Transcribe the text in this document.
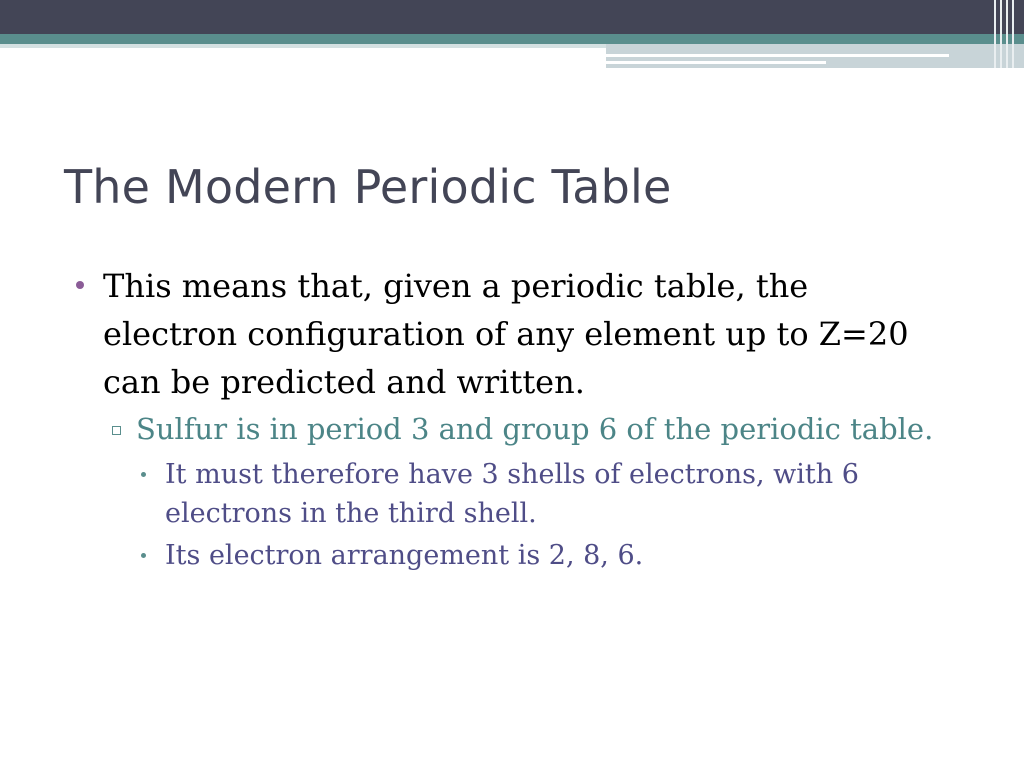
The Modern Periodic Table
This means that, given a periodic table, the electron configuration of any element up to Z=20 can be predicted and written.
Sulfur is in period 3 and group 6 of the periodic table.
It must therefore have 3 shells of electrons, with 6 electrons in the third shell.
Its electron arrangement is 2, 8, 6.
